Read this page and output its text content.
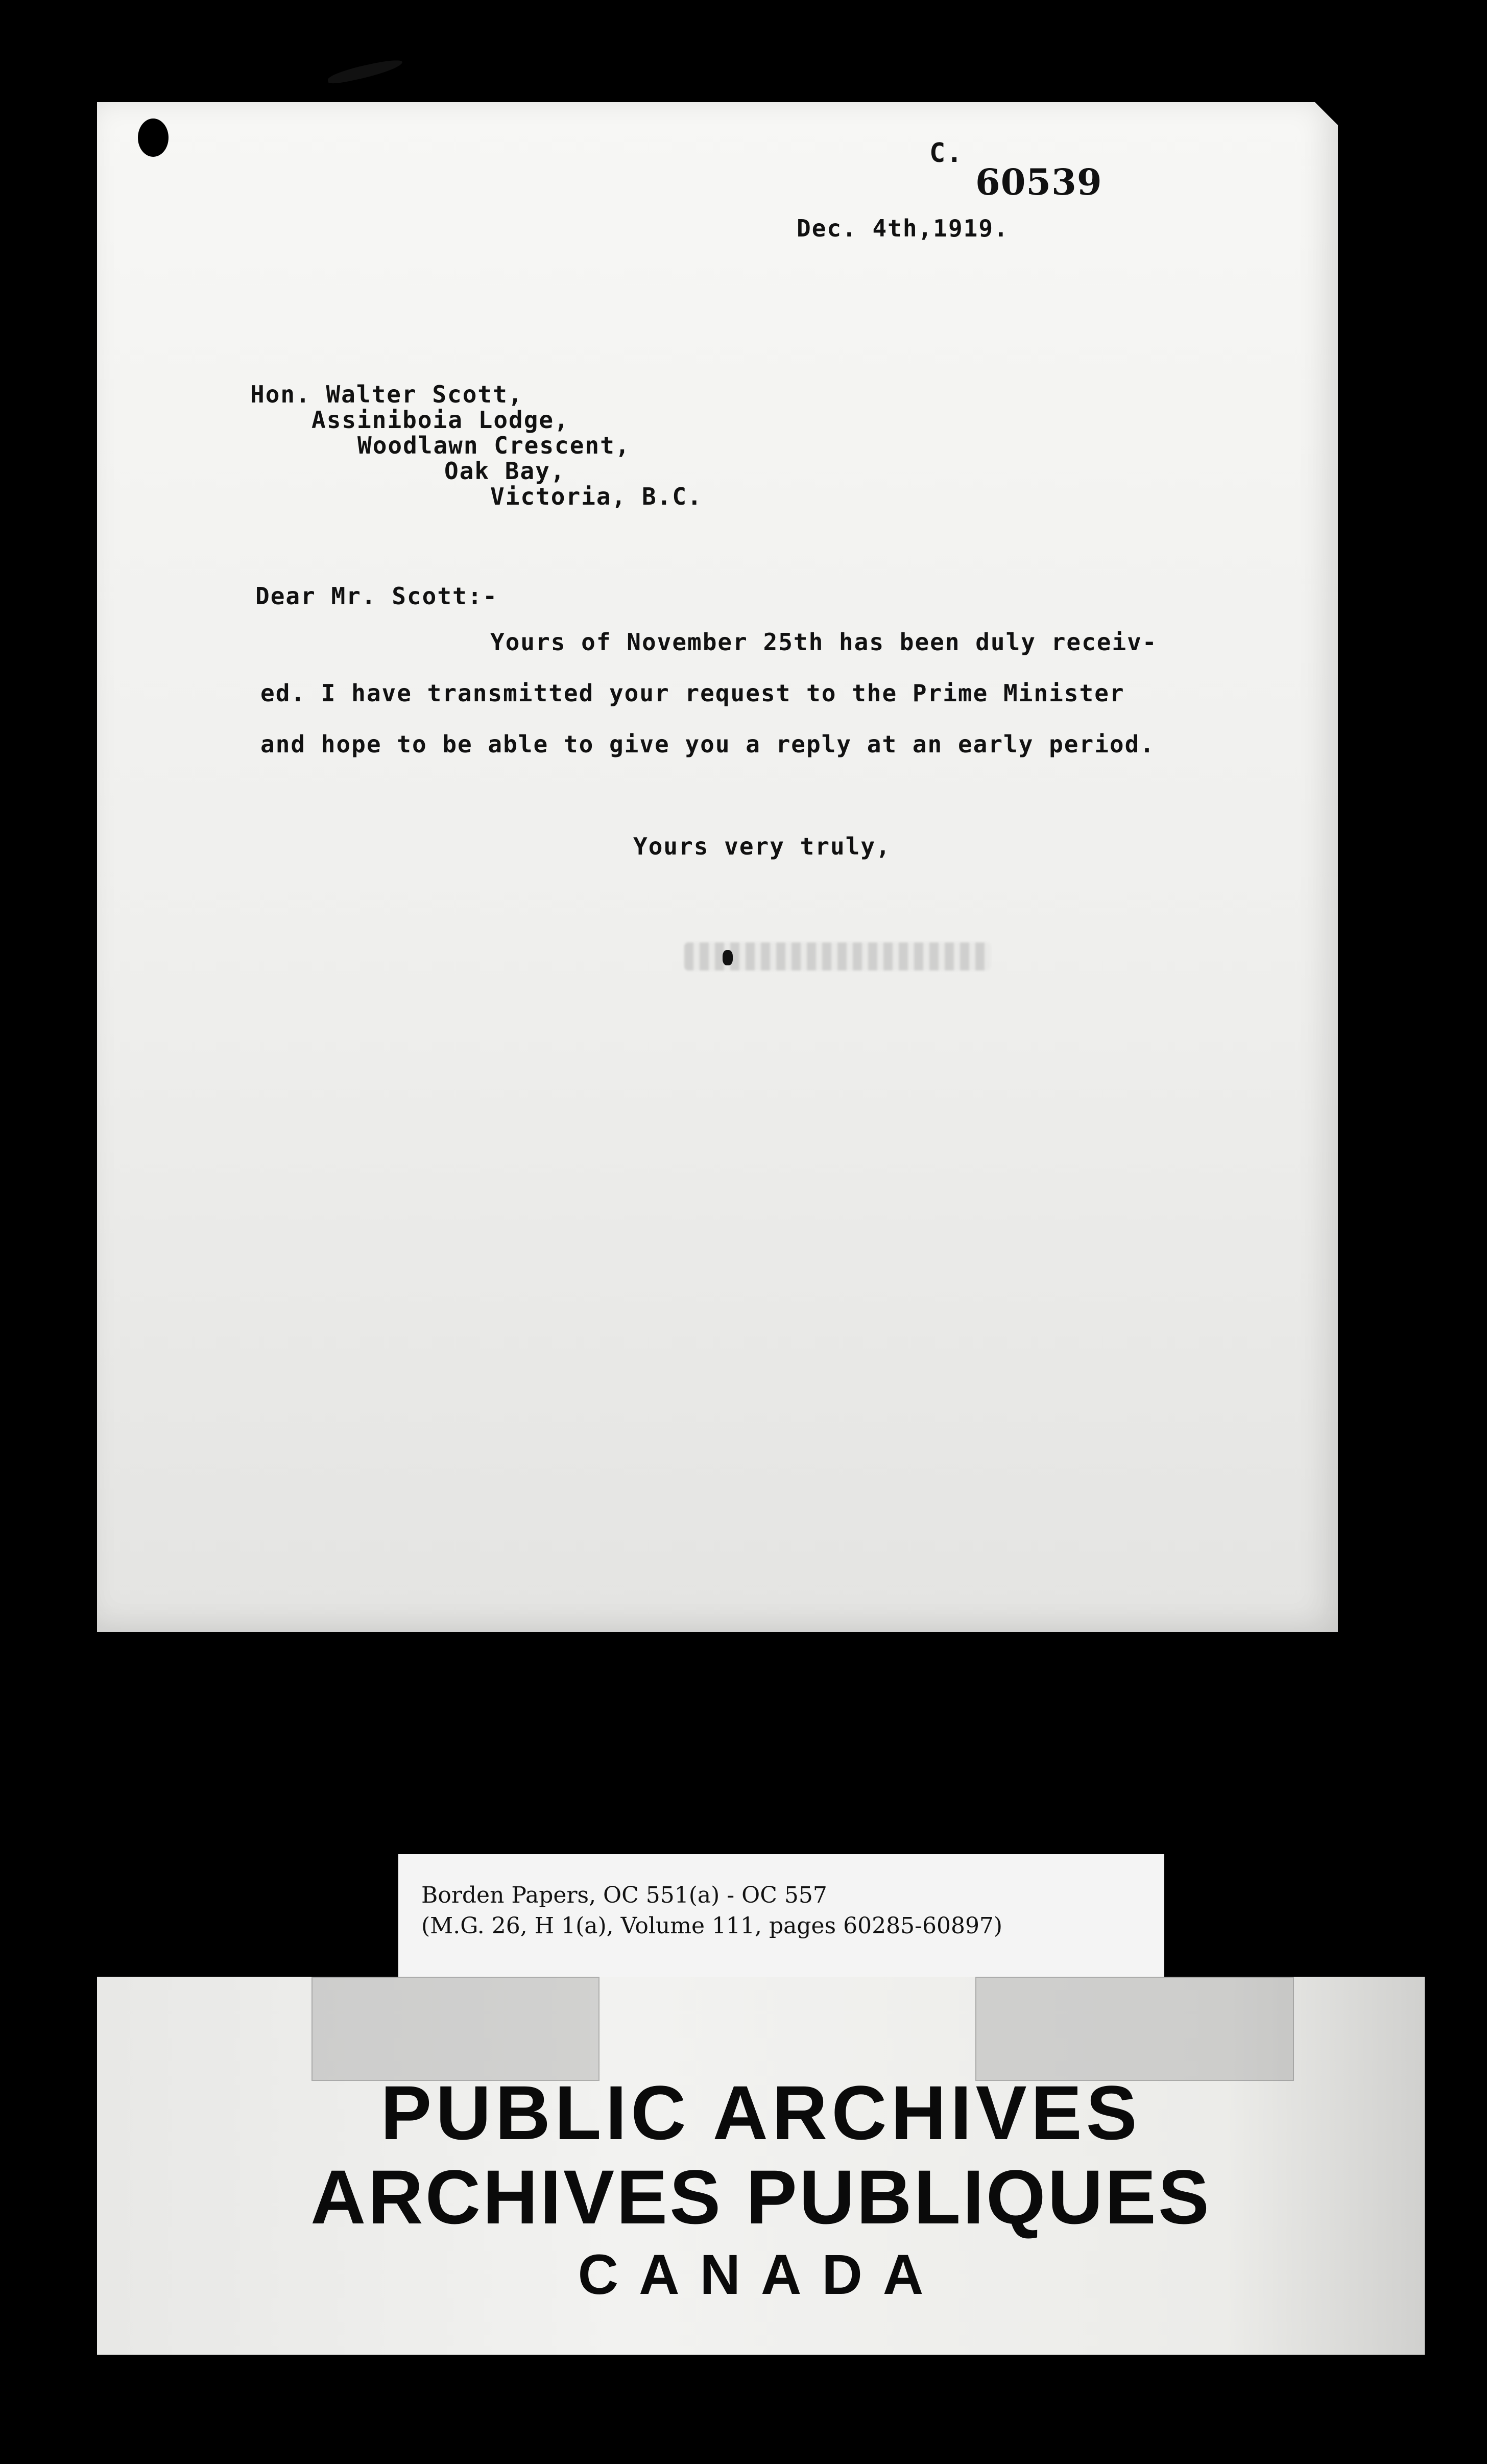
C.
60539
Dec. 4th,1919.
Hon. Walter Scott,
Assiniboia Lodge,
Woodlawn Crescent,
Oak Bay,
Victoria, B.C.
Dear Mr. Scott:-
Yours of November 25th has been duly receiv-
ed. I have transmitted your request to the Prime Minister
and hope to be able to give you a reply at an early period.
Yours very truly,
Borden Papers, OC 551(a) - OC 557
(M.G. 26, H 1(a), Volume 111, pages 60285-60897)
PUBLIC ARCHIVES
ARCHIVES PUBLIQUES
CANADA
